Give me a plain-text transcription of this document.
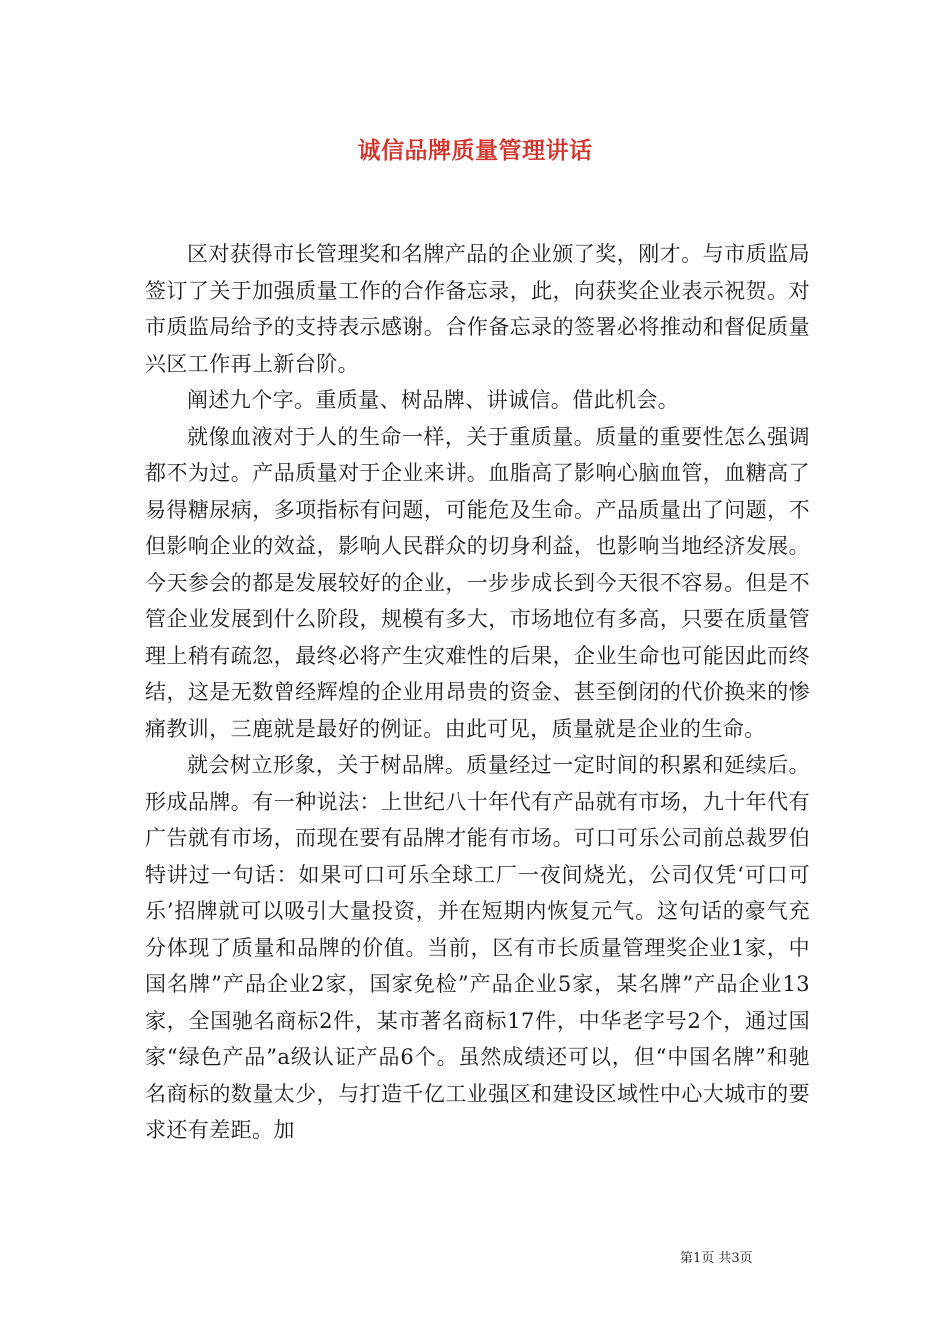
诚信品牌质量管理讲话

区对获得市长管理奖和名牌产品的企业颁了奖，刚才。与市质监局签订了关于加强质量工作的合作备忘录，此，向获奖企业表示祝贺。对市质监局给予的支持表示感谢。合作备忘录的签署必将推动和督促质量兴区工作再上新台阶。

阐述九个字。重质量、树品牌、讲诚信。借此机会。

就像血液对于人的生命一样，关于重质量。质量的重要性怎么强调都不为过。产品质量对于企业来讲。血脂高了影响心脑血管，血糖高了易得糖尿病，多项指标有问题，可能危及生命。产品质量出了问题，不但影响企业的效益，影响人民群众的切身利益，也影响当地经济发展。今天参会的都是发展较好的企业，一步步成长到今天很不容易。但是不管企业发展到什么阶段，规模有多大，市场地位有多高，只要在质量管理上稍有疏忽，最终必将产生灾难性的后果，企业生命也可能因此而终结，这是无数曾经辉煌的企业用昂贵的资金、甚至倒闭的代价换来的惨痛教训，三鹿就是最好的例证。由此可见，质量就是企业的生命。

就会树立形象，关于树品牌。质量经过一定时间的积累和延续后。形成品牌。有一种说法：上世纪八十年代有产品就有市场，九十年代有广告就有市场，而现在要有品牌才能有市场。可口可乐公司前总裁罗伯特讲过一句话：如果可口可乐全球工厂一夜间烧光，公司仅凭‘可口可乐’招牌就可以吸引大量投资，并在短期内恢复元气。这句话的豪气充分体现了质量和品牌的价值。当前，区有市长质量管理奖企业1家，中国名牌”产品企业2家，国家免检”产品企业5家，某名牌”产品企业13家，全国驰名商标2件，某市著名商标17件，中华老字号2个，通过国家“绿色产品”a级认证产品6个。虽然成绩还可以，但“中国名牌”和驰名商标的数量太少，与打造千亿工业强区和建设区域性中心大城市的要求还有差距。加

第1页 共3页
